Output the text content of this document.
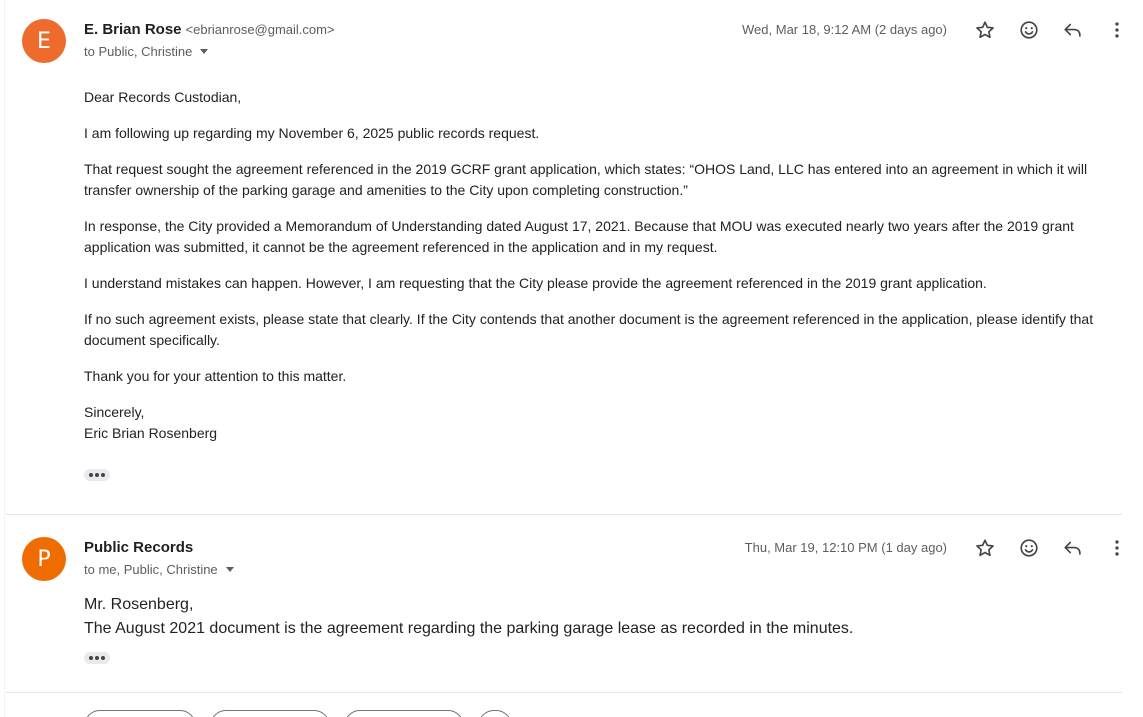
E	E. Brian Rose <ebrianrose@gmail.com>
to Public, Christine
Wed, Mar 18, 9:12 AM (2 days ago)

Dear Records Custodian,

I am following up regarding my November 6, 2025 public records request.

That request sought the agreement referenced in the 2019 GCRF grant application, which states: “OHOS Land, LLC has entered into an agreement in which it will transfer ownership of the parking garage and amenities to the City upon completing construction.”

In response, the City provided a Memorandum of Understanding dated August 17, 2021. Because that MOU was executed nearly two years after the 2019 grant application was submitted, it cannot be the agreement referenced in the application and in my request.

I understand mistakes can happen. However, I am requesting that the City please provide the agreement referenced in the 2019 grant application.

If no such agreement exists, please state that clearly. If the City contends that another document is the agreement referenced in the application, please identify that document specifically.

Thank you for your attention to this matter.

Sincerely,

Eric Brian Rosenberg

P	Public Records
to me, Public, Christine
Thu, Mar 19, 12:10 PM (1 day ago)
Mr. Rosenberg,
The August 2021 document is the agreement regarding the parking garage lease as recorded in the minutes.
